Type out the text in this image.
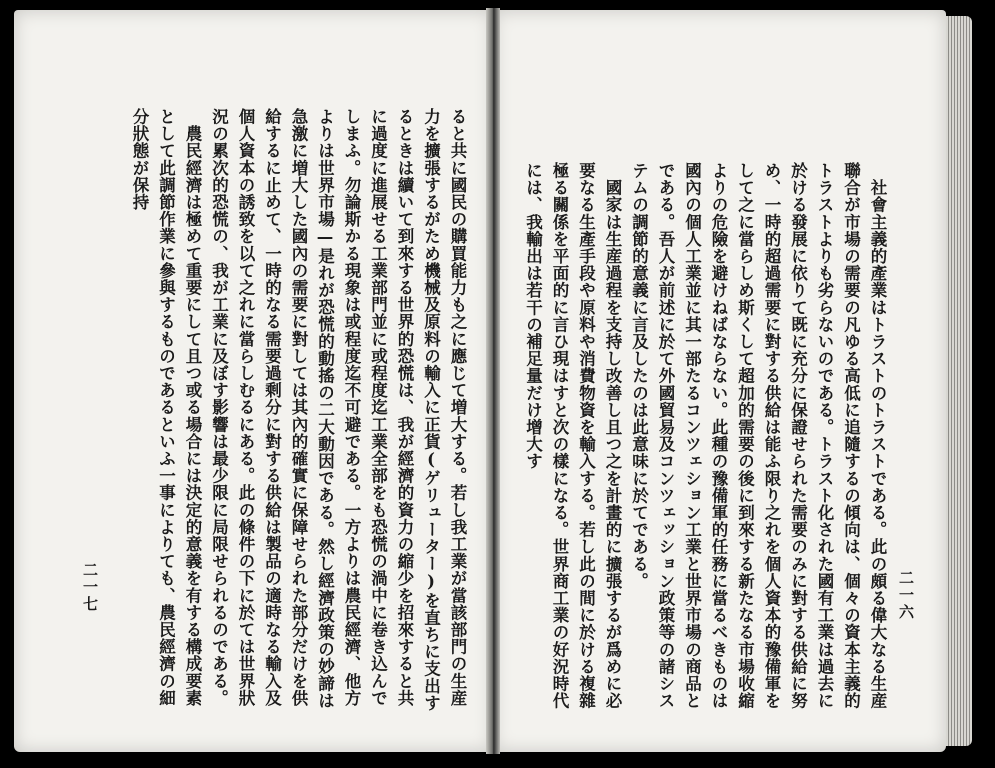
二一六
　社會主義的產業はトラストのトラストである。此の頗る偉大なる生産聯合が市場の需要の凡ゆる高低に追隨するの傾向は、個々の資本主義的トラストよりも劣らないのである。トラスト化された國有工業は過去に於ける發展に依りて既に充分に保證せられた需要のみに對する供給に努め、一時的超過需要に對する供給は能ふ限り之れを個人資本的豫備軍をして之に當らしめ斯くして超加的需要の後に到來する新たなる市場收縮よりの危險を避けねばならない。此種の豫備軍的任務に當るべきものは國內の個人工業並に其一部たるコンツェション工業と世界市場の商品とである。吾人が前述に於て外國貿易及コンツェッション政策等の諸システムの調節的意義に言及したのは此意味に於てである。
　國家は生産過程を支持し改善し且つ之を計畫的に擴張するが爲めに必要なる生產手段や原料や消費物資を輸入する。若し此の間に於ける複雜極る關係を平面的に言ひ現はすと次の樣になる。世界商工業の好況時代には、我輸出は若干の補足量だけ增大す
二一七	ると共に國民の購買能力も之に應じて増大する。若し我工業が當該部門の生産力を擴張するがため機械及原料の輸入に正貨(ゲリューター)を直ちに支出するときは續いて到來する世界的恐慌は、我が經濟的資力の縮少を招來すると共に過度に進展せる工業部門並に或程度迄工業全部をも恐慌の渦中に卷き込んでしまふ。勿論斯かる現象は或程度迄不可避である。一方よりは農民經濟、他方よりは世界市場—是れが恐慌的動搖の二大動因である。然し經濟政策の妙諦は急激に増大した國內の需要に對しては其內的確實に保障せられた部分だけを供給するに止めて、一時的なる需要過剩分に對する供給は製品の適時なる輸入及個人資本の誘致を以て之れに當らしむるにある。此の條件の下に於ては世界狀況の累次的恐慌の、我が工業に及ぼす影響は最少限に局限せられるのである。
　農民經濟は極めて重要にして且つ或る場合には決定的意義を有する構成要素として此調節作業に參與するものであるといふ一事によりても、農民經濟の細分狀態が保持
